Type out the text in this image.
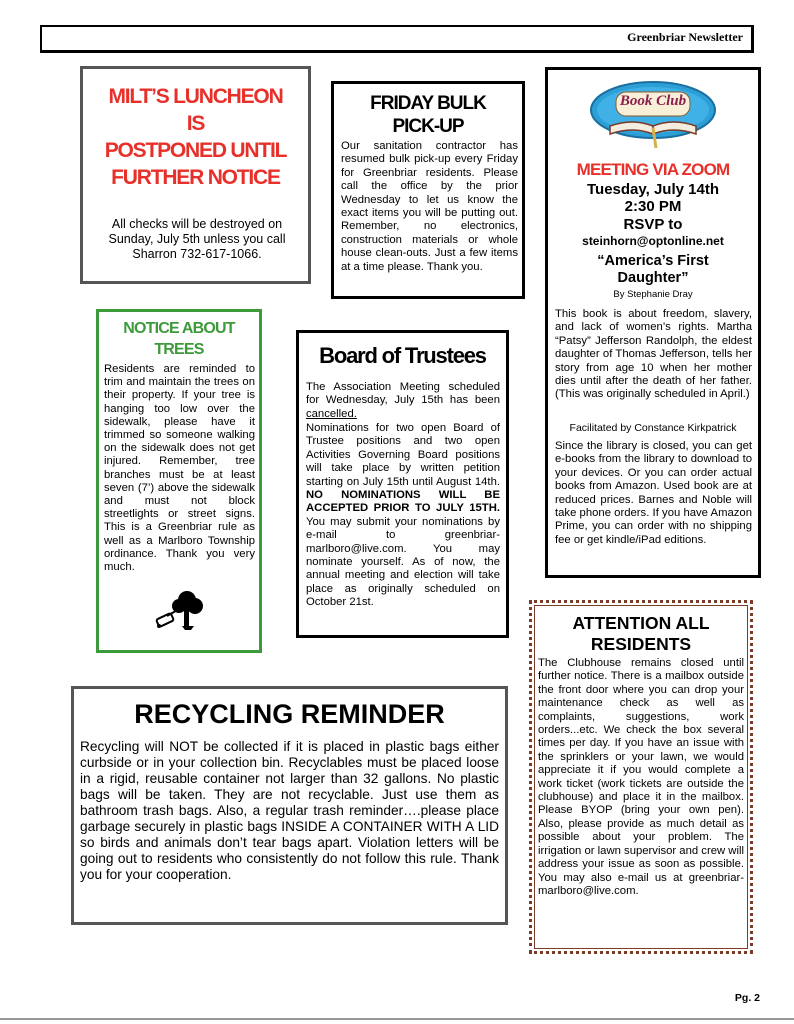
Greenbriar Newsletter
MILT’S LUNCHEON
IS
POSTPONED UNTIL
FURTHER NOTICE

All checks will be destroyed on Sunday, July 5th unless you call Sharron 732-617-1066.

FRIDAY BULK
PICK-UP

Our sanitation contractor has resumed bulk pick-up every Friday for Greenbriar residents. Please call the office by the prior Wednesday to let us know the exact items you will be putting out. Remember, no electronics, construction materials or whole house clean-outs. Just a few items at a time please. Thank you.

Book Club
MEETING VIA ZOOM
Tuesday, July 14th
2:30 PM
RSVP to
steinhorn@optonline.net
“America’s First
Daughter”
By Stephanie Dray

This book is about freedom, slavery, and lack of women’s rights. Martha “Patsy” Jefferson Randolph, the eldest daughter of Thomas Jefferson, tells her story from age 10 when her mother dies until after the death of her father. (This was originally scheduled in April.)

Facilitated by Constance Kirkpatrick

Since the library is closed, you can get e-books from the library to download to your devices. Or you can order actual books from Amazon. Used book are at reduced prices. Barnes and Noble will take phone orders. If you have Amazon Prime, you can order with no shipping fee or get kindle/iPad editions.

NOTICE ABOUT
TREES

Residents are reminded to trim and maintain the trees on their property. If your tree is hanging too low over the sidewalk, please have it trimmed so someone walking on the sidewalk does not get injured. Remember, tree branches must be at least seven (7’) above the sidewalk and must not block streetlights or street signs. This is a Greenbriar rule as well as a Marlboro Township ordinance. Thank you very much.

Board of Trustees

The Association Meeting scheduled for Wednesday, July 15th has been cancelled.

Nominations for two open Board of Trustee positions and two open Activities Governing Board positions will take place by written petition starting on July 15th until August 14th. NO NOMINATIONS WILL BE ACCEPTED PRIOR TO JULY 15TH. You may submit your nominations by e-mail to greenbriar-marlboro@live.com. You may nominate yourself. As of now, the annual meeting and election will take place as originally scheduled on October 21st.

ATTENTION ALL
RESIDENTS

The Clubhouse remains closed until further notice. There is a mailbox outside the front door where you can drop your maintenance check as well as complaints, suggestions, work orders...etc. We check the box several times per day. If you have an issue with the sprinklers or your lawn, we would appreciate it if you would complete a work ticket (work tickets are outside the clubhouse) and place it in the mailbox. Please BYOP (bring your own pen). Also, please provide as much detail as possible about your problem. The irrigation or lawn supervisor and crew will address your issue as soon as possible. You may also e-mail us at greenbriar-marlboro@live.com.

RECYCLING REMINDER

Recycling will NOT be collected if it is placed in plastic bags either curbside or in your collection bin. Recyclables must be placed loose in a rigid, reusable container not larger than 32 gallons. No plastic bags will be taken. They are not recyclable. Just use them as bathroom trash bags. Also, a regular trash reminder….please place garbage securely in plastic bags INSIDE A CONTAINER WITH A LID so birds and animals don’t tear bags apart. Violation letters will be going out to residents who consistently do not follow this rule. Thank you for your cooperation.

Pg. 2
